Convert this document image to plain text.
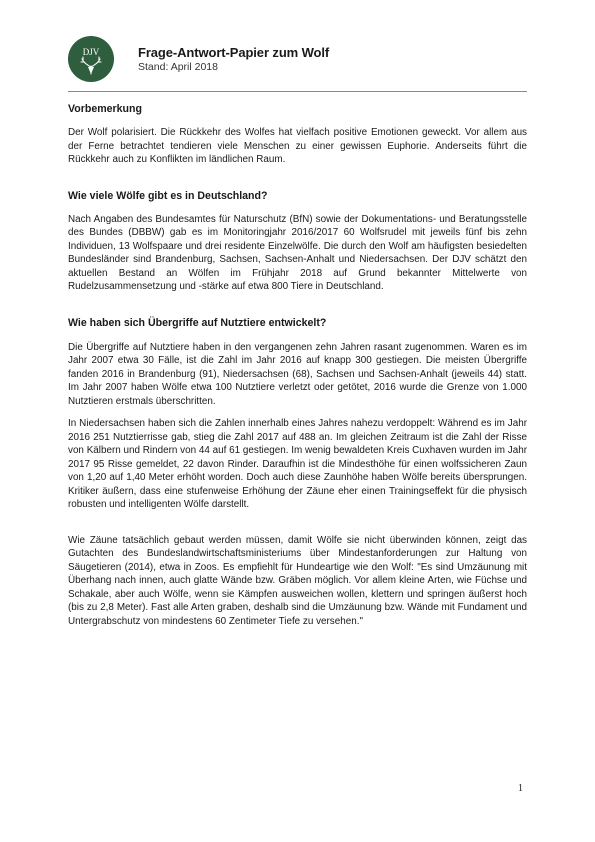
DJV	Frage-Antwort-Papier zum Wolf
Stand: April 2018
Vorbemerkung

Der Wolf polarisiert. Die Rückkehr des Wolfes hat vielfach positive Emotionen geweckt. Vor allem aus der Ferne betrachtet tendieren viele Menschen zu einer gewissen Euphorie. Anderseits führt die Rückkehr auch zu Konflikten im ländlichen Raum.

Wie viele Wölfe gibt es in Deutschland?

Nach Angaben des Bundesamtes für Naturschutz (BfN) sowie der Dokumentations- und Beratungsstelle des Bundes (DBBW) gab es im Monitoringjahr 2016/2017 60 Wolfsrudel mit jeweils fünf bis zehn Individuen, 13 Wolfspaare und drei residente Einzelwölfe. Die durch den Wolf am häufigsten besiedelten Bundesländer sind Brandenburg, Sachsen, Sachsen-Anhalt und Niedersachsen. Der DJV schätzt den aktuellen Bestand an Wölfen im Frühjahr 2018 auf Grund bekannter Mittelwerte von Rudelzusammensetzung und -stärke auf etwa 800 Tiere in Deutschland.

Wie haben sich Übergriffe auf Nutztiere entwickelt?

Die Übergriffe auf Nutztiere haben in den vergangenen zehn Jahren rasant zugenommen. Waren es im Jahr 2007 etwa 30 Fälle, ist die Zahl im Jahr 2016 auf knapp 300 gestiegen. Die meisten Übergriffe fanden 2016 in Brandenburg (91), Niedersachsen (68), Sachsen und Sachsen-Anhalt (jeweils 44) statt. Im Jahr 2007 haben Wölfe etwa 100 Nutztiere verletzt oder getötet, 2016 wurde die Grenze von 1.000 Nutztieren erstmals überschritten.

In Niedersachsen haben sich die Zahlen innerhalb eines Jahres nahezu verdoppelt: Während es im Jahr 2016 251 Nutztierrisse gab, stieg die Zahl 2017 auf 488 an. Im gleichen Zeitraum ist die Zahl der Risse von Kälbern und Rindern von 44 auf 61 gestiegen. Im wenig bewaldeten Kreis Cuxhaven wurden im Jahr 2017 95 Risse gemeldet, 22 davon Rinder. Daraufhin ist die Mindesthöhe für einen wolfssicheren Zaun von 1,20 auf 1,40 Meter erhöht worden. Doch auch diese Zaunhöhe haben Wölfe bereits übersprungen. Kritiker äußern, dass eine stufenweise Erhöhung der Zäune eher einen Trainingseffekt für die physisch robusten und intelligenten Wölfe darstellt.

Wie Zäune tatsächlich gebaut werden müssen, damit Wölfe sie nicht überwinden können, zeigt das Gutachten des Bundeslandwirtschaftsministeriums über Mindestanforderungen zur Haltung von Säugetieren (2014), etwa in Zoos. Es empfiehlt für Hundeartige wie den Wolf: "Es sind Umzäunung mit Überhang nach innen, auch glatte Wände bzw. Gräben möglich. Vor allem kleine Arten, wie Füchse und Schakale, aber auch Wölfe, wenn sie Kämpfen ausweichen wollen, klettern und springen äußerst hoch (bis zu 2,8 Meter). Fast alle Arten graben, deshalb sind die Umzäunung bzw. Wände mit Fundament und Untergrabschutz von mindestens 60 Zentimeter Tiefe zu versehen."

1
